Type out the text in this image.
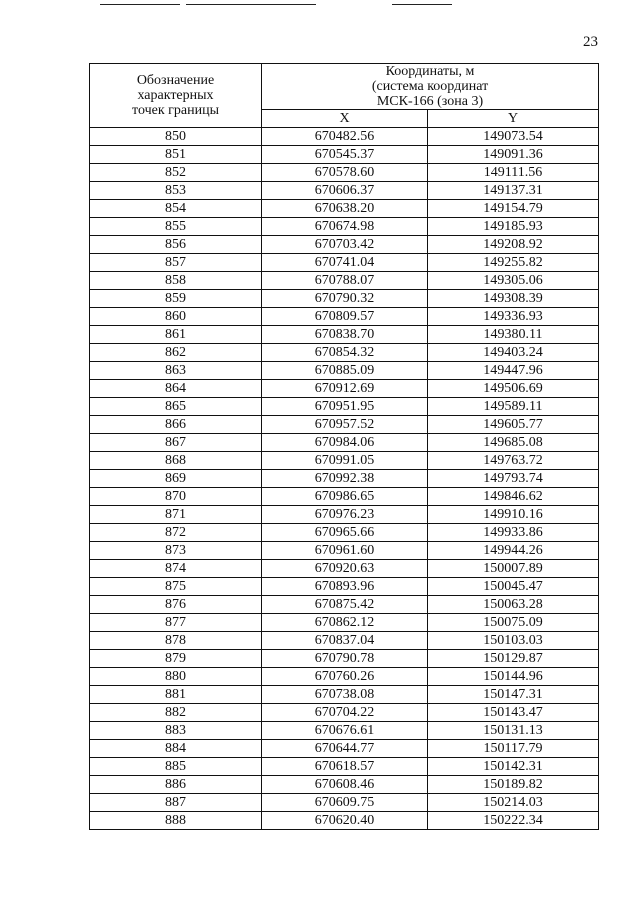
23
Обозначение
характерных
точек границы	Координаты, м
(система координат
МСК-166 (зона 3)	

	X	Y
850	670482.56	149073.54
851	670545.37	149091.36
852	670578.60	149111.56
853	670606.37	149137.31
854	670638.20	149154.79
855	670674.98	149185.93
856	670703.42	149208.92
857	670741.04	149255.82
858	670788.07	149305.06
859	670790.32	149308.39
860	670809.57	149336.93
861	670838.70	149380.11
862	670854.32	149403.24
863	670885.09	149447.96
864	670912.69	149506.69
865	670951.95	149589.11
866	670957.52	149605.77
867	670984.06	149685.08
868	670991.05	149763.72
869	670992.38	149793.74
870	670986.65	149846.62
871	670976.23	149910.16
872	670965.66	149933.86
873	670961.60	149944.26
874	670920.63	150007.89
875	670893.96	150045.47
876	670875.42	150063.28
877	670862.12	150075.09
878	670837.04	150103.03
879	670790.78	150129.87
880	670760.26	150144.96
881	670738.08	150147.31
882	670704.22	150143.47
883	670676.61	150131.13
884	670644.77	150117.79
885	670618.57	150142.31
886	670608.46	150189.82
887	670609.75	150214.03
888	670620.40	150222.34
